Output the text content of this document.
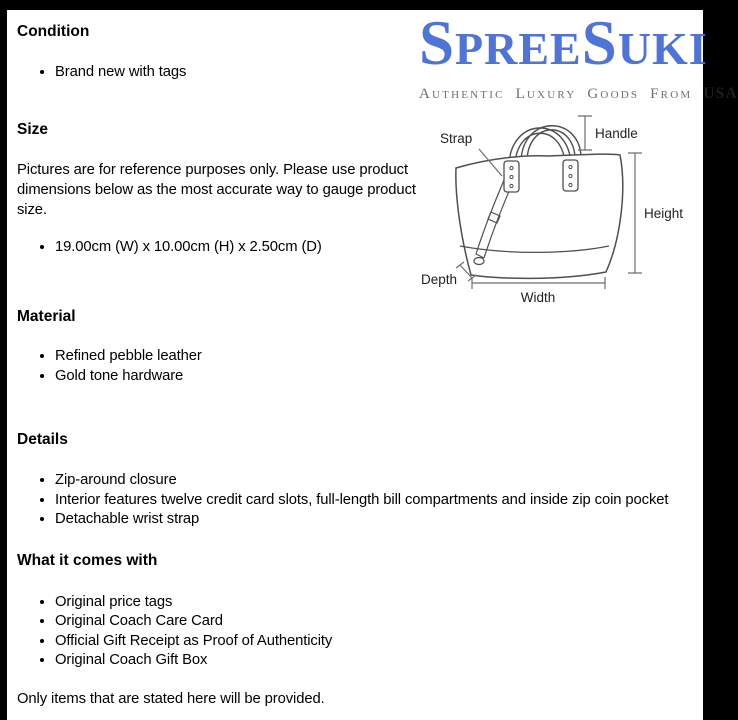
SPREESUKI
Authentic Luxury Goods From USA
Strap	Handle
Height
Depth
Width
Condition
• Brand new with tags
Size

Pictures are for reference purposes only. Please use product dimensions below as the most accurate way to gauge product size.

• 19.00cm (W) x 10.00cm (H) x 2.50cm (D)
Material
• Refined pebble leather
• Gold tone hardware
Details
• Zip-around closure
• Interior features twelve credit card slots, full-length bill compartments and inside zip coin pocket
• Detachable wrist strap
What it comes with
• Original price tags
• Original Coach Care Card
• Official Gift Receipt as Proof of Authenticity
• Original Coach Gift Box

Only items that are stated here will be provided.
